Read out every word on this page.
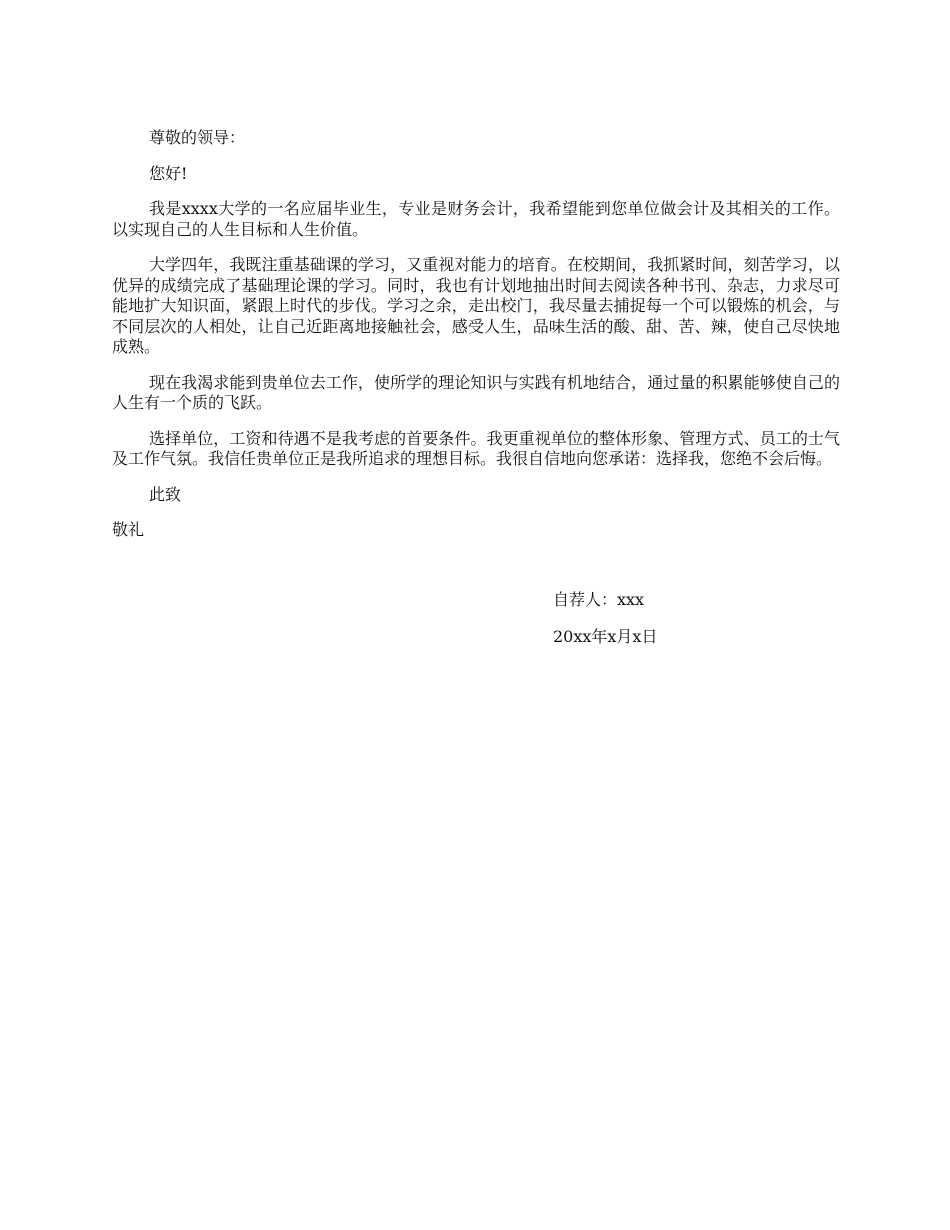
尊敬的领导：

您好!

我是xxxx大学的一名应届毕业生，专业是财务会计，我希望能到您单位做会计及其相关的工作。以实现自己的人生目标和人生价值。

大学四年，我既注重基础课的学习，又重视对能力的培育。在校期间，我抓紧时间，刻苦学习，以优异的成绩完成了基础理论课的学习。同时，我也有计划地抽出时间去阅读各种书刊、杂志，力求尽可能地扩大知识面，紧跟上时代的步伐。学习之余，走出校门，我尽量去捕捉每一个可以锻炼的机会，与不同层次的人相处，让自己近距离地接触社会，感受人生，品味生活的酸、甜、苦、辣，使自己尽快地成熟。

现在我渴求能到贵单位去工作，使所学的理论知识与实践有机地结合，通过量的积累能够使自己的人生有一个质的飞跃。

选择单位，工资和待遇不是我考虑的首要条件。我更重视单位的整体形象、管理方式、员工的士气及工作气氛。我信任贵单位正是我所追求的理想目标。我很自信地向您承诺：选择我，您绝不会后悔。

此致

敬礼

自荐人：xxx
20xx年x月x日
